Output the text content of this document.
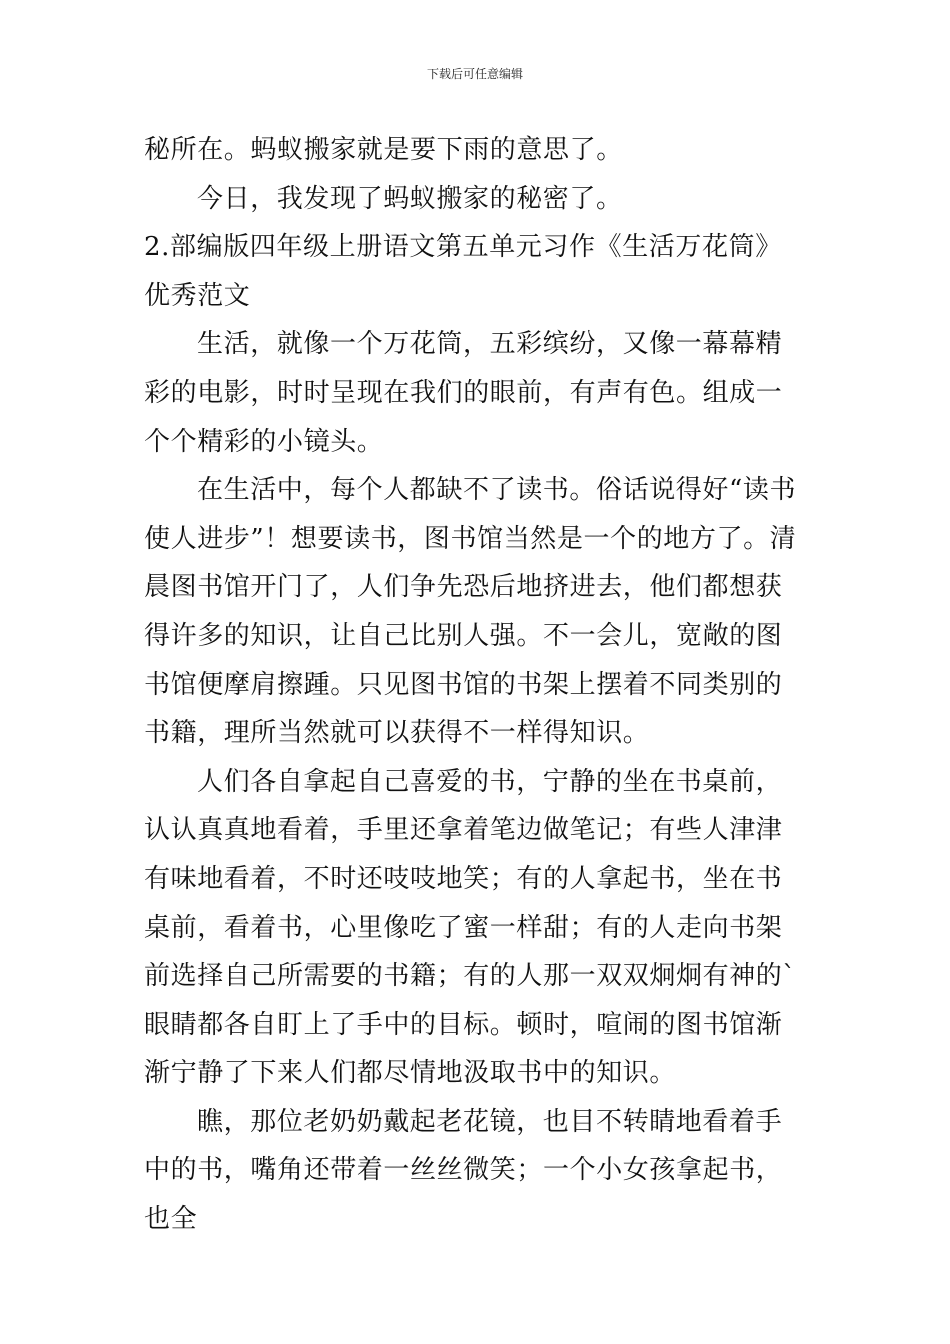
下载后可任意编辑

秘所在。蚂蚁搬家就是要下雨的意思了。

今日，我发现了蚂蚁搬家的秘密了。

2.部编版四年级上册语文第五单元习作《生活万花筒》优秀范文

生活，就像一个万花筒，五彩缤纷，又像一幕幕精彩的电影，时时呈现在我们的眼前，有声有色。组成一个个精彩的小镜头。

在生活中，每个人都缺不了读书。俗话说得好“读书使人进步”！想要读书，图书馆当然是一个的地方了。清晨图书馆开门了，人们争先恐后地挤进去，他们都想获得许多的知识，让自己比别人强。不一会儿，宽敞的图书馆便摩肩擦踵。只见图书馆的书架上摆着不同类别的书籍，理所当然就可以获得不一样得知识。

人们各自拿起自己喜爱的书，宁静的坐在书桌前，认认真真地看着，手里还拿着笔边做笔记；有些人津津有味地看着，不时还吱吱地笑；有的人拿起书，坐在书桌前，看着书，心里像吃了蜜一样甜；有的人走向书架前选择自己所需要的书籍；有的人那一双双炯炯有神的`眼睛都各自盯上了手中的目标。顿时，喧闹的图书馆渐渐宁静了下来人们都尽情地汲取书中的知识。

瞧，那位老奶奶戴起老花镜，也目不转睛地看着手中的书，嘴角还带着一丝丝微笑；一个小女孩拿起书，也全
